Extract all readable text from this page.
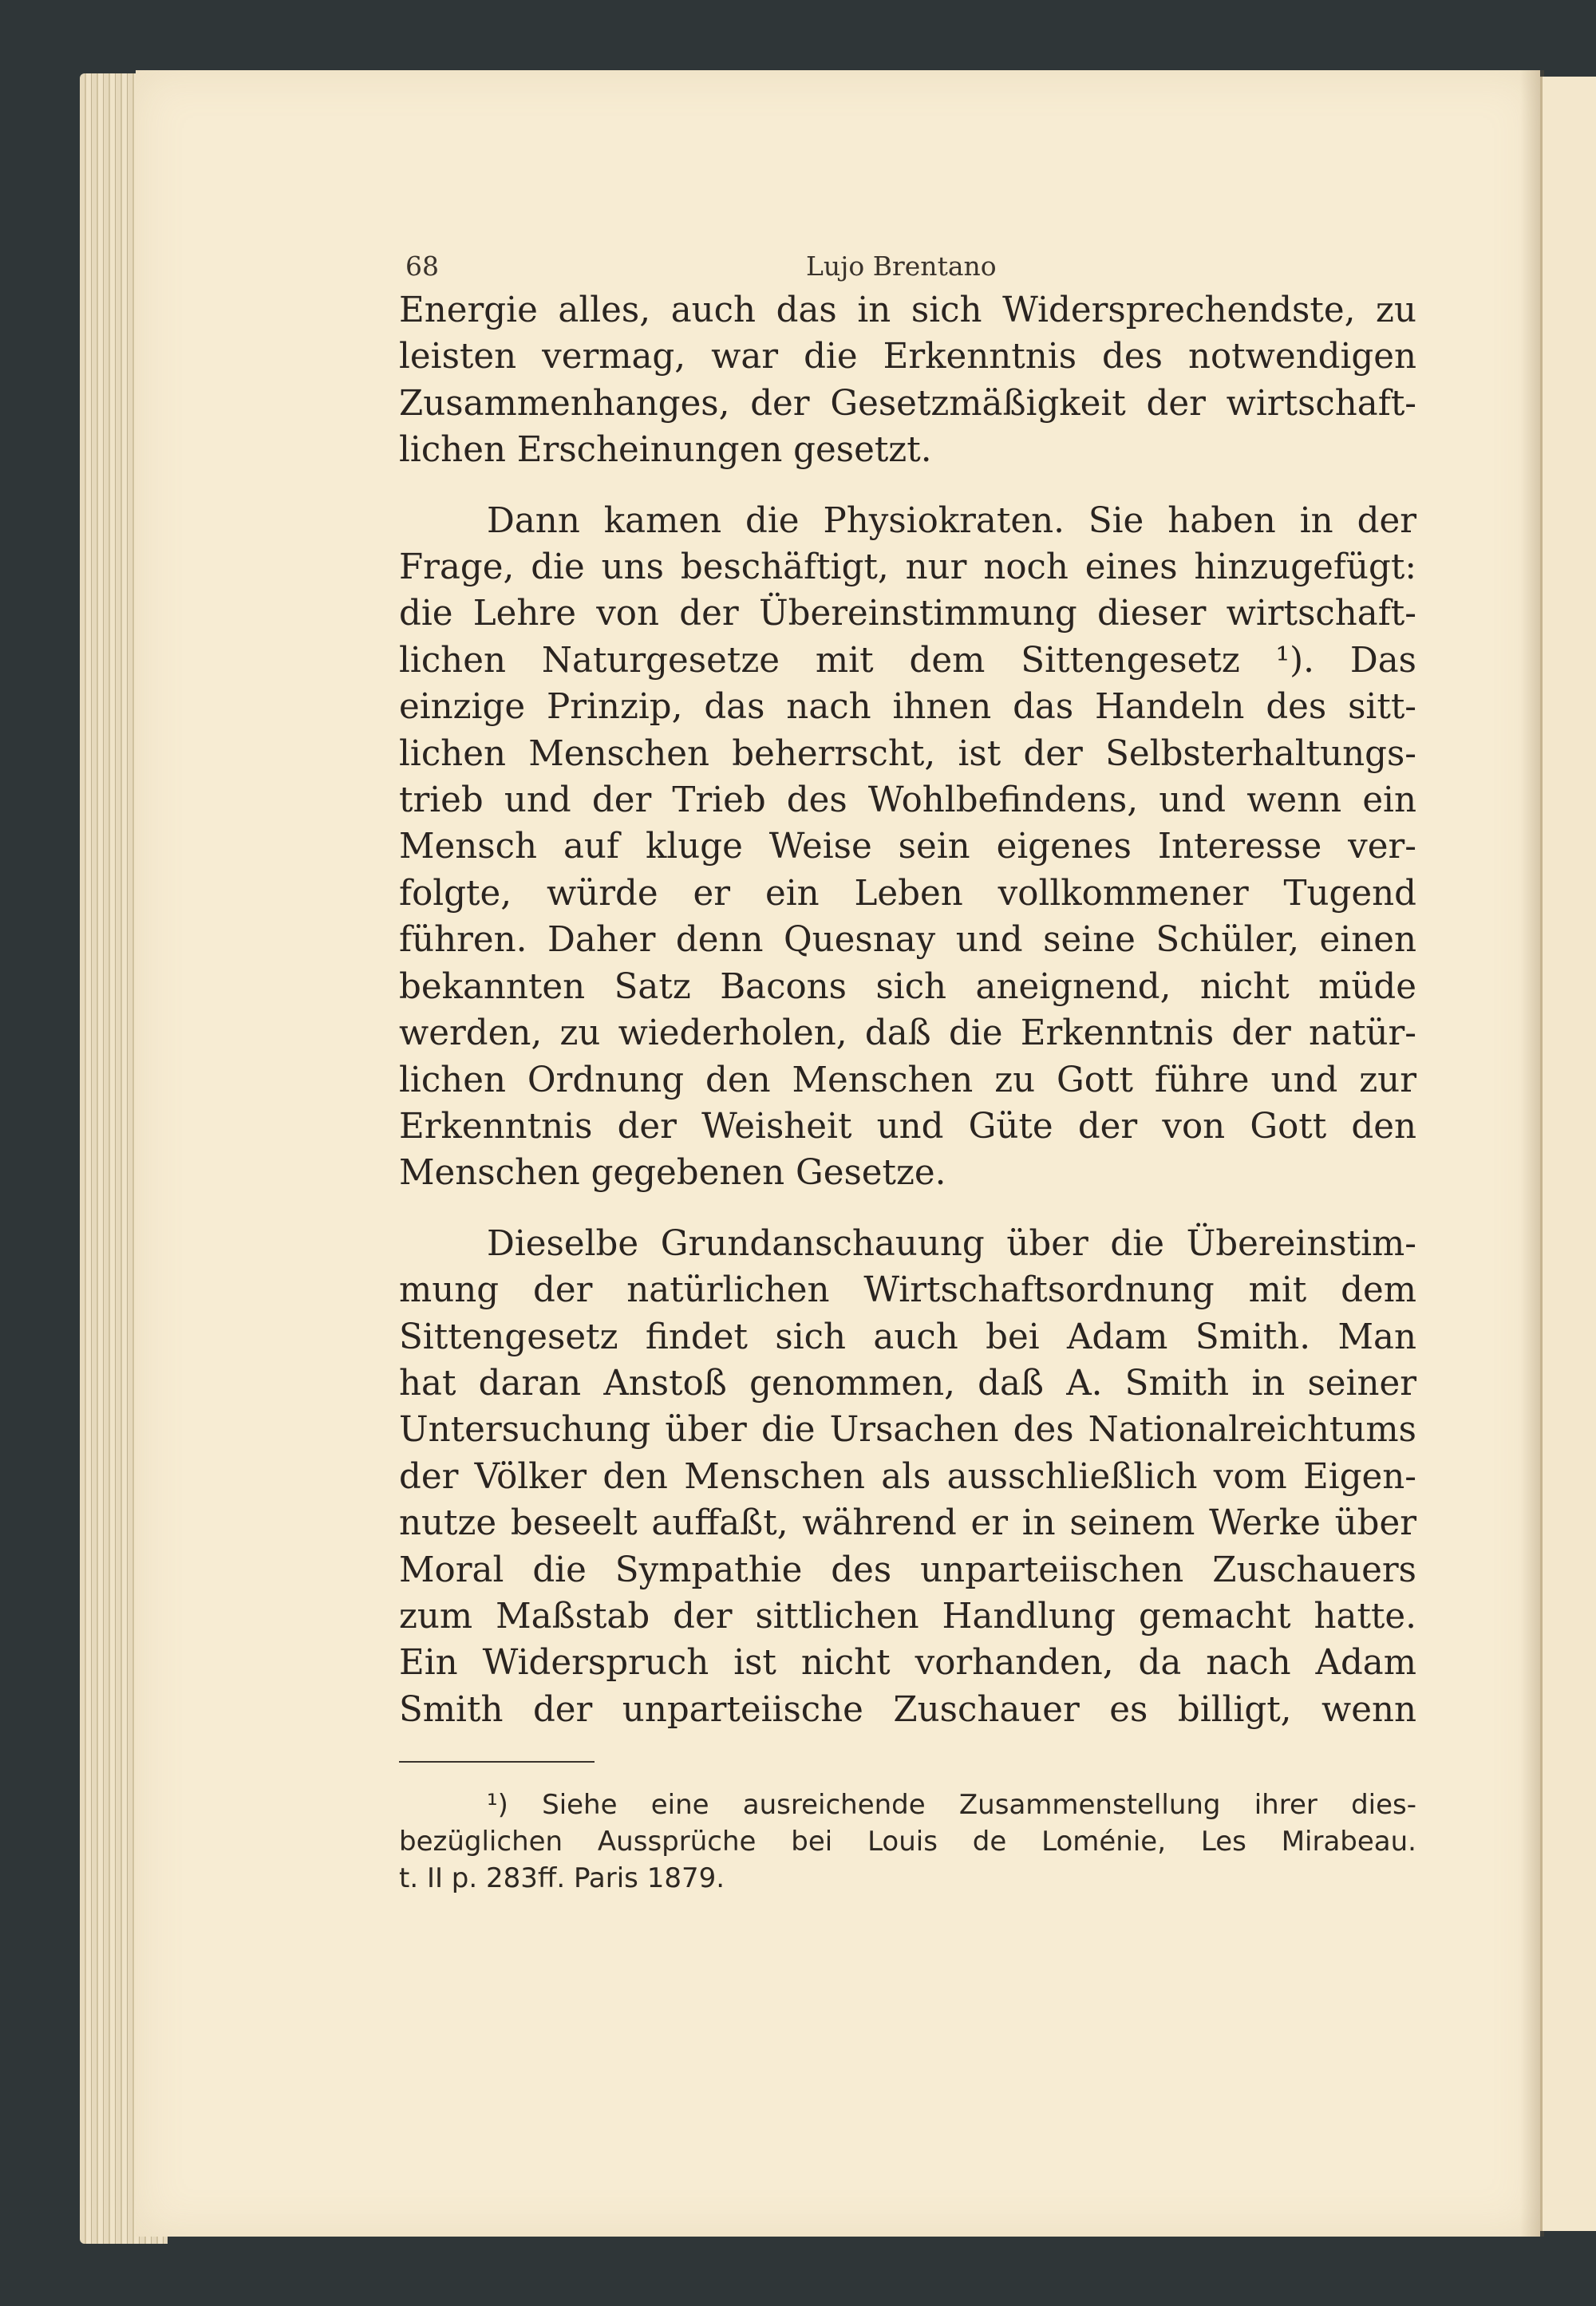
68	Lujo Brentano

Energie alles, auch das in sich Widersprechendste, zu
leisten vermag, war die Erkenntnis des notwendigen
Zusammenhanges, der Gesetzmäßigkeit der wirtschaft-
lichen Erscheinungen gesetzt.

Dann kamen die Physiokraten. Sie haben in der
Frage, die uns beschäftigt, nur noch eines hinzugefügt:
die Lehre von der Übereinstimmung dieser wirtschaft-
lichen Naturgesetze mit dem Sittengesetz ¹). Das
einzige Prinzip, das nach ihnen das Handeln des sitt-
lichen Menschen beherrscht, ist der Selbsterhaltungs-
trieb und der Trieb des Wohlbefindens, und wenn ein
Mensch auf kluge Weise sein eigenes Interesse ver-
folgte, würde er ein Leben vollkommener Tugend
führen. Daher denn Quesnay und seine Schüler, einen
bekannten Satz Bacons sich aneignend, nicht müde
werden, zu wiederholen, daß die Erkenntnis der natür-
lichen Ordnung den Menschen zu Gott führe und zur
Erkenntnis der Weisheit und Güte der von Gott den
Menschen gegebenen Gesetze.

Dieselbe Grundanschauung über die Übereinstim-
mung der natürlichen Wirtschaftsordnung mit dem
Sittengesetz findet sich auch bei Adam Smith. Man
hat daran Anstoß genommen, daß A. Smith in seiner
Untersuchung über die Ursachen des Nationalreichtums
der Völker den Menschen als ausschließlich vom Eigen-
nutze beseelt auffaßt, während er in seinem Werke über
Moral die Sympathie des unparteiischen Zuschauers
zum Maßstab der sittlichen Handlung gemacht hatte.
Ein Widerspruch ist nicht vorhanden, da nach Adam
Smith der unparteiische Zuschauer es billigt, wenn

¹) Siehe eine ausreichende Zusammenstellung ihrer dies-
bezüglichen Aussprüche bei Louis de Loménie, Les Mirabeau.
t. II p. 283ff. Paris 1879.
